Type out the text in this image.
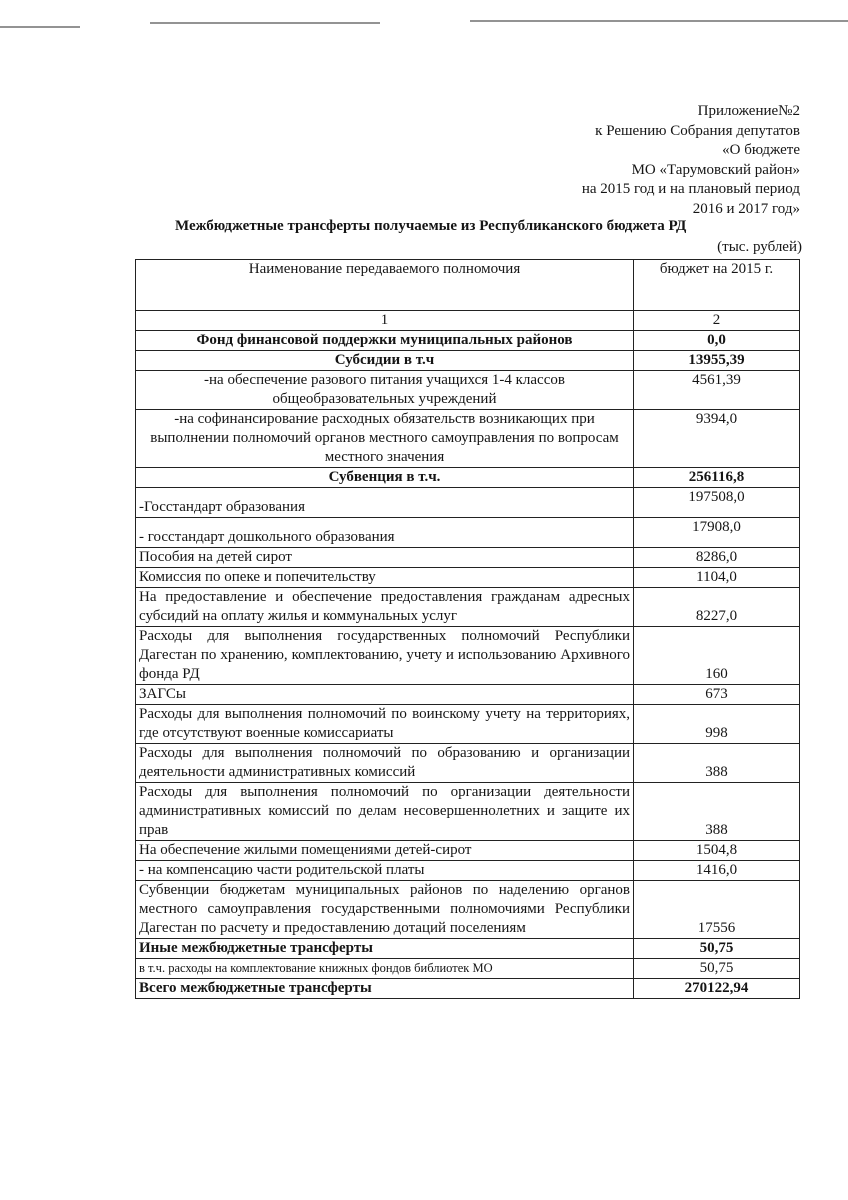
Приложение№2
к Решению Собрания депутатов
«О бюджете
МО «Тарумовский район»
на 2015 год и на плановый период
2016 и 2017 год»
Межбюджетные трансферты получаемые из Республиканского бюджета РД
(тыс. рублей)
Наименование передаваемого полномочия	бюджет на 2015 г.
1	2
Фонд финансовой поддержки муниципальных районов	0,0
Субсидии в т.ч	13955,39
-на обеспечение разового питания учащихся 1-4 классов общеобразовательных учреждений	4561,39
-на софинансирование расходных обязательств возникающих при выполнении полномочий органов местного самоуправления по вопросам местного значения	9394,0
Субвенция в т.ч.	256116,8
-Госстандарт образования	197508,0
- госстандарт дошкольного образования	17908,0
Пособия на детей сирот	8286,0
Комиссия по опеке и попечительству	1104,0
На предоставление и обеспечение предоставления гражданам адресных субсидий на оплату жилья и коммунальных услуг	8227,0
Расходы для выполнения государственных полномочий Республики Дагестан по хранению, комплектованию, учету и использованию Архивного фонда РД	160
ЗАГСы	673
Расходы для выполнения полномочий по воинскому учету на территориях, где отсутствуют военные комиссариаты	998
Расходы для выполнения полномочий по образованию и организации деятельности административных комиссий	388
Расходы для выполнения полномочий по организации деятельности административных комиссий по делам несовершеннолетних и защите их прав	388
На обеспечение жилыми помещениями детей-сирот	1504,8
- на компенсацию части родительской платы	1416,0
Субвенции бюджетам муниципальных районов по наделению органов местного самоуправления государственными полномочиями Республики Дагестан по расчету и предоставлению дотаций поселениям	17556
Иные межбюджетные трансферты	50,75
в т.ч. расходы на комплектование книжных фондов библиотек МО	50,75
Всего межбюджетные трансферты	270122,94
